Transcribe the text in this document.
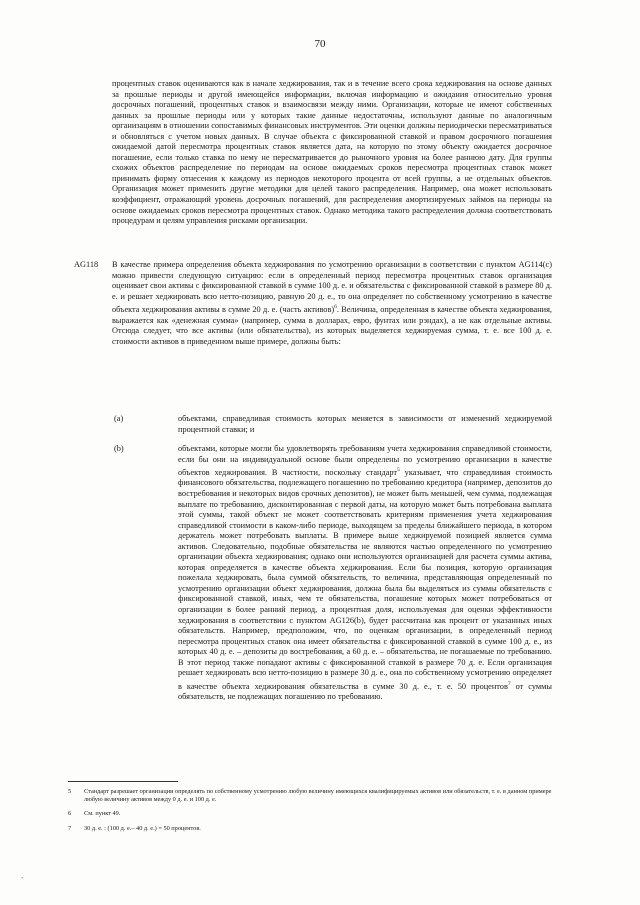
70
процентных ставок оцениваются как в начале хеджирования, так и в течение всего срока хеджирования на основе данных за прошлые периоды и другой имеющейся информации, включая информацию и ожидания относительно уровня досрочных погашений, процентных ставок и взаимосвязи между ними. Организации, которые не имеют собственных данных за прошлые периоды или у которых такие данные недостаточны, используют данные по аналогичным организациям в отношении сопоставимых финансовых инструментов. Эти оценки должны периодически пересматриваться и обновляться с учетом новых данных. В случае объекта с фиксированной ставкой и правом досрочного погашения ожидаемой датой пересмотра процентных ставок является дата, на которую по этому объекту ожидается досрочное погашение, если только ставка по нему не пересматривается до рыночного уровня на более раннюю дату. Для группы схожих объектов распределение по периодам на основе ожидаемых сроков пересмотра процентных ставок может принимать форму отнесения к каждому из периодов некоторого процента от всей группы, а не отдельных объектов. Организация может применить другие методики для целей такого распределения. Например, она может использовать коэффициент, отражающий уровень досрочных погашений, для распределения амортизируемых займов на периоды на основе ожидаемых сроков пересмотра процентных ставок. Однако методика такого распределения должна соответствовать процедурам и целям управления рисками организации.
AG118 В качестве примера определения объекта хеджирования по усмотрению организации в соответствии с пунктом AG114(c) можно привести следующую ситуацию: если в определенный период пересмотра процентных ставок организация оценивает свои активы с фиксированной ставкой в сумме 100 д. е. и обязательства с фиксированной ставкой в размере 80 д. е. и решает хеджировать всю нетто-позицию, равную 20 д. е., то она определяет по собственному усмотрению в качестве объекта хеджирования активы в сумме 20 д. е. (часть активов)$^6$. Величина, определенная в качестве объекта хеджирования, выражается как «денежная сумма» (например, сумма в долларах, евро, фунтах или рэндах), а не как отдельные активы. Отсюда следует, что все активы (или обязательства), из которых выделяется хеджируемая сумма, т. е. все 100 д. е. стоимости активов в приведенном выше примере, должны быть:
(a)	объектами, справедливая стоимость которых меняется в зависимости от изменений хеджируемой процентной ставки; и
(b)	объектами, которые могли бы удовлетворять требованиям учета хеджирования справедливой стоимости, если бы они на индивидуальной основе были определены по усмотрению организации в качестве объектов хеджирования. В частности, поскольку стандарт$^5$ указывает, что справедливая стоимость финансового обязательства, подлежащего погашению по требованию кредитора (например, депозитов до востребования и некоторых видов срочных депозитов), не может быть меньшей, чем сумма, подлежащая выплате по требованию, дисконтированная с первой даты, на которую может быть потребована выплата этой суммы, такой объект не может соответствовать критериям применения учета хеджирования справедливой стоимости в каком-либо периоде, выходящем за пределы ближайшего периода, в котором держатель может потребовать выплаты. В примере выше хеджируемой позицией является сумма активов. Следовательно, подобные обязательства не являются частью определенного по усмотрению организации объекта хеджирования; однако они используются организацией для расчета суммы актива, которая определяется в качестве объекта хеджирования. Если бы позиция, которую организация пожелала хеджировать, была суммой обязательств, то величина, представляющая определенный по усмотрению организации объект хеджирования, должна была бы выделяться из суммы обязательств с фиксированной ставкой, иных, чем те обязательства, погашение которых может потребоваться от организации в более ранний период, а процентная доля, используемая для оценки эффективности хеджирования в соответствии с пунктом AG126(b), будет рассчитана как процент от указанных иных обязательств. Например, предположим, что, по оценкам организации, в определенный период пересмотра процентных ставок она имеет обязательства с фиксированной ставкой в сумме 100 д. е., из которых 40 д. е. – депозиты до востребования, а 60 д. е. – обязательства, не погашаемые по требованию. В этот период также попадают активы с фиксированной ставкой в размере 70 д. е. Если организация решает хеджировать всю нетто-позицию в размере 30 д. е., она по собственному усмотрению определяет в качестве объекта хеджирования обязательства в сумме 30 д. е., т. е. 50 процентов$^7$ от суммы обязательств, не подлежащих погашению по требованию.
5 Стандарт разрешает организации определять по собственному усмотрению любую величину имеющихся квалифицируемых активов или обязательств, т. е. в данном примере любую величину активов между 0 д. е. и 100 д. е.
6 См. пункт 49.
7 30 д. е. : (100 д. е.– 40 д. е.) = 50 процентов.
٠
